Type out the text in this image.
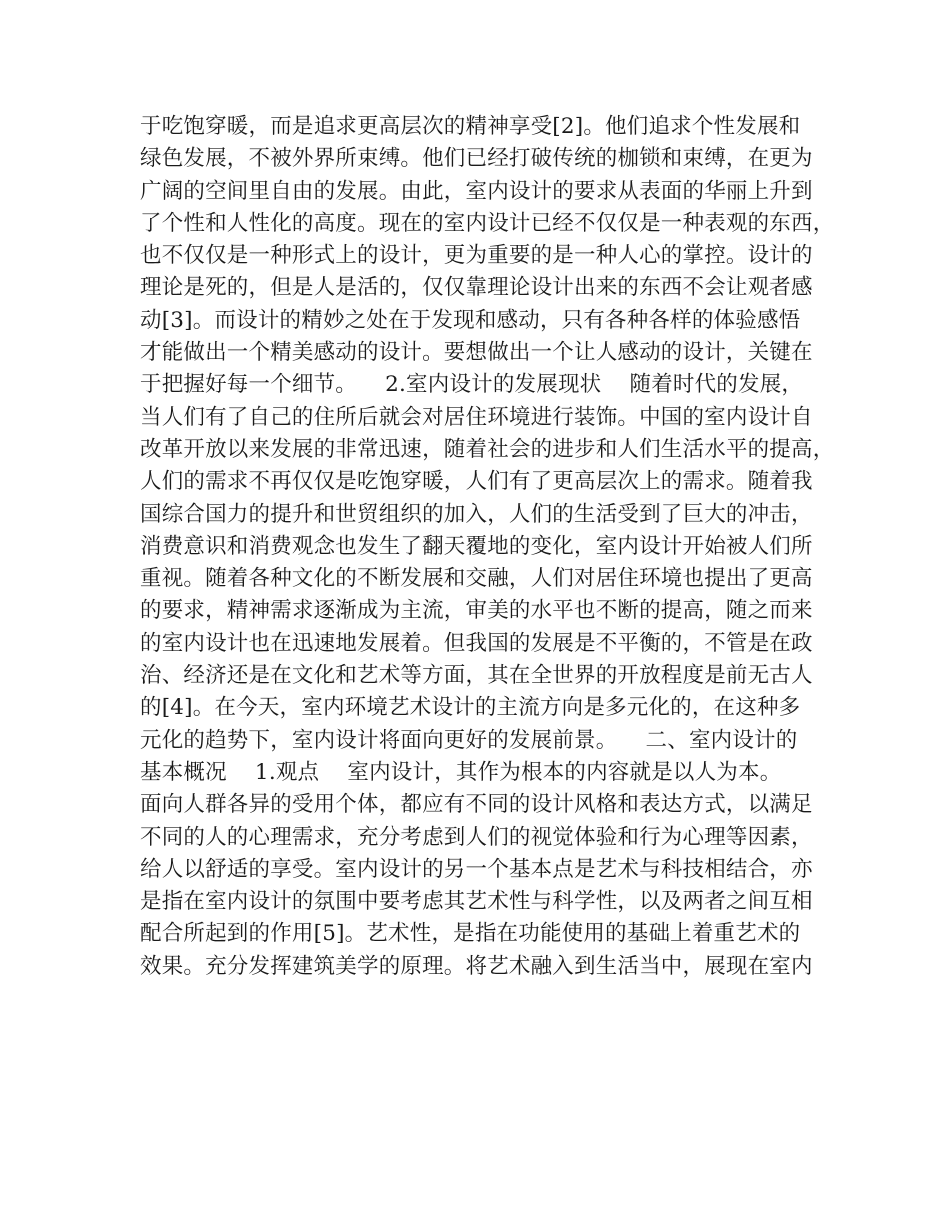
于吃饱穿暖，而是追求更高层次的精神享受[2]。他们追求个性发展和
绿色发展，不被外界所束缚。他们已经打破传统的枷锁和束缚，在更为
广阔的空间里自由的发展。由此，室内设计的要求从表面的华丽上升到
了个性和人性化的高度。现在的室内设计已经不仅仅是一种表观的东西，
也不仅仅是一种形式上的设计，更为重要的是一种人心的掌控。设计的
理论是死的，但是人是活的，仅仅靠理论设计出来的东西不会让观者感
动[3]。而设计的精妙之处在于发现和感动，只有各种各样的体验感悟
才能做出一个精美感动的设计。要想做出一个让人感动的设计，关键在
于把握好每一个细节。    2.室内设计的发展现状    随着时代的发展，
当人们有了自己的住所后就会对居住环境进行装饰。中国的室内设计自
改革开放以来发展的非常迅速，随着社会的进步和人们生活水平的提高，
人们的需求不再仅仅是吃饱穿暖，人们有了更高层次上的需求。随着我
国综合国力的提升和世贸组织的加入，人们的生活受到了巨大的冲击，
消费意识和消费观念也发生了翻天覆地的变化，室内设计开始被人们所
重视。随着各种文化的不断发展和交融，人们对居住环境也提出了更高
的要求，精神需求逐渐成为主流，审美的水平也不断的提高，随之而来
的室内设计也在迅速地发展着。但我国的发展是不平衡的，不管是在政
治、经济还是在文化和艺术等方面，其在全世界的开放程度是前无古人
的[4]。在今天，室内环境艺术设计的主流方向是多元化的，在这种多
元化的趋势下，室内设计将面向更好的发展前景。    二、室内设计的
基本概况    1.观点    室内设计，其作为根本的内容就是以人为本。
面向人群各异的受用个体，都应有不同的设计风格和表达方式，以满足
不同的人的心理需求，充分考虑到人们的视觉体验和行为心理等因素，
给人以舒适的享受。室内设计的另一个基本点是艺术与科技相结合，亦
是指在室内设计的氛围中要考虑其艺术性与科学性，以及两者之间互相
配合所起到的作用[5]。艺术性，是指在功能使用的基础上着重艺术的
效果。充分发挥建筑美学的原理。将艺术融入到生活当中，展现在室内
